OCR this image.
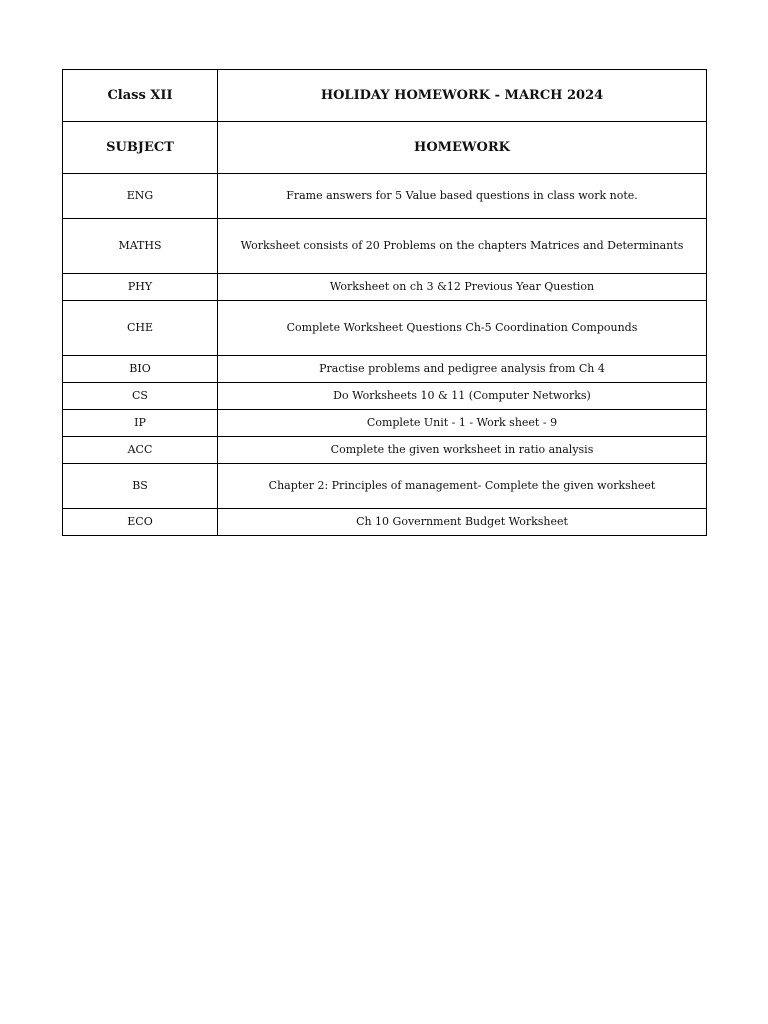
Class XII	HOLIDAY HOMEWORK - MARCH 2024
SUBJECT	HOMEWORK
ENG	Frame answers for 5 Value based questions in class work note.
MATHS	Worksheet consists of 20 Problems on the chapters Matrices and Determinants
PHY	Worksheet on ch 3 &12 Previous Year Question
CHE	Complete Worksheet Questions Ch-5 Coordination Compounds
BIO	Practise problems and pedigree analysis from Ch 4
CS	Do Worksheets 10 & 11 (Computer Networks)
IP	Complete Unit - 1 - Work sheet - 9
ACC	Complete the given worksheet in ratio analysis
BS	Chapter 2: Principles of management- Complete the given worksheet
ECO	Ch 10 Government Budget Worksheet
